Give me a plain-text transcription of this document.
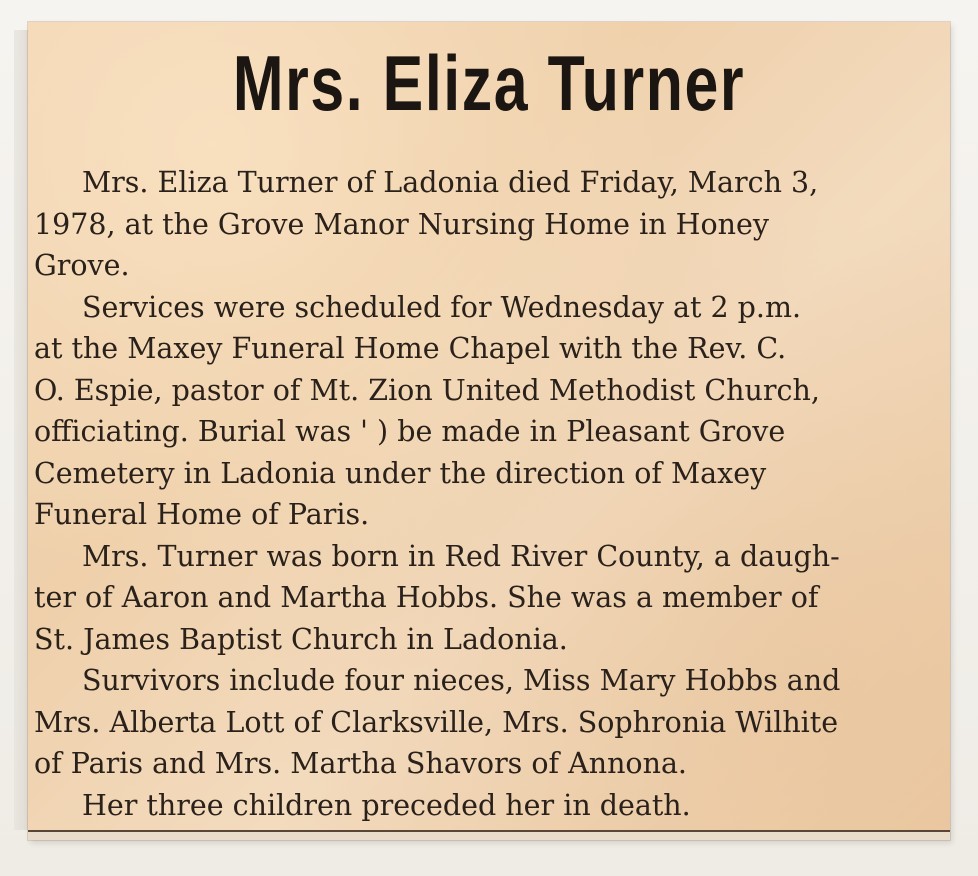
Mrs. Eliza Turner

Mrs. Eliza Turner of Ladonia died Friday, March 3,
1978, at the Grove Manor Nursing Home in Honey
Grove.

Services were scheduled for Wednesday at 2 p.m.
at the Maxey Funeral Home Chapel with the Rev. C.
O. Espie, pastor of Mt. Zion United Methodist Church,
officiating. Burial was ' ) be made in Pleasant Grove
Cemetery in Ladonia under the direction of Maxey
Funeral Home of Paris.

Mrs. Turner was born in Red River County, a daugh-
ter of Aaron and Martha Hobbs. She was a member of
St. James Baptist Church in Ladonia.

Survivors include four nieces, Miss Mary Hobbs and
Mrs. Alberta Lott of Clarksville, Mrs. Sophronia Wilhite
of Paris and Mrs. Martha Shavors of Annona.

Her three children preceded her in death.
